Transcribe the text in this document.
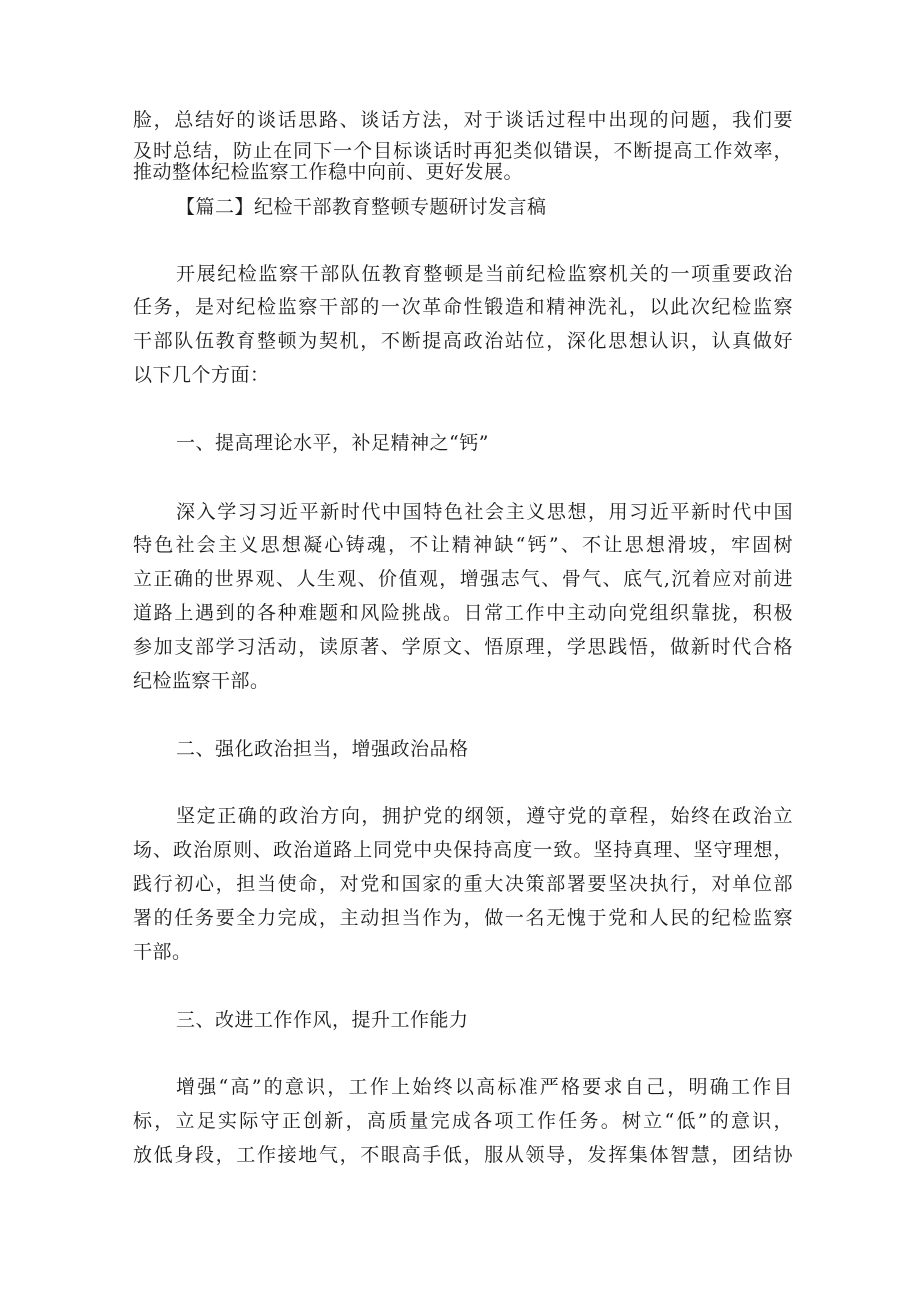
脸，总结好的谈话思路、谈话方法，对于谈话过程中出现的问题，我们要
及时总结，防止在同下一个目标谈话时再犯类似错误，不断提高工作效率，
推动整体纪检监察工作稳中向前、更好发展。
【篇二】纪检干部教育整顿专题研讨发言稿
开展纪检监察干部队伍教育整顿是当前纪检监察机关的一项重要政治
任务，是对纪检监察干部的一次革命性锻造和精神洗礼，以此次纪检监察
干部队伍教育整顿为契机，不断提高政治站位，深化思想认识，认真做好
以下几个方面：
一、提高理论水平，补足精神之“钙”
深入学习习近平新时代中国特色社会主义思想，用习近平新时代中国
特色社会主义思想凝心铸魂，不让精神缺“钙”、不让思想滑坡，牢固树
立正确的世界观、人生观、价值观，增强志气、骨气、底气,沉着应对前进
道路上遇到的各种难题和风险挑战。日常工作中主动向党组织靠拢，积极
参加支部学习活动，读原著、学原文、悟原理，学思践悟，做新时代合格
纪检监察干部。
二、强化政治担当，增强政治品格
坚定正确的政治方向，拥护党的纲领，遵守党的章程，始终在政治立
场、政治原则、政治道路上同党中央保持高度一致。坚持真理、坚守理想，
践行初心，担当使命，对党和国家的重大决策部署要坚决执行，对单位部
署的任务要全力完成，主动担当作为，做一名无愧于党和人民的纪检监察
干部。
三、改进工作作风，提升工作能力
增强“高”的意识，工作上始终以高标准严格要求自己，明确工作目
标，立足实际守正创新，高质量完成各项工作任务。树立“低”的意识，
放低身段，工作接地气，不眼高手低，服从领导，发挥集体智慧，团结协
